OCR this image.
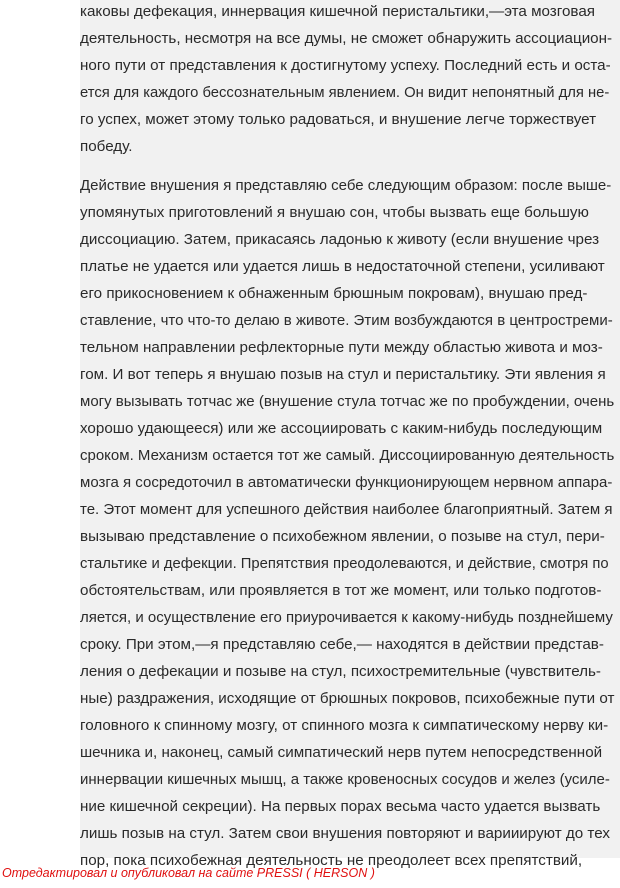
каковы дефекация, иннервация кишечной перистальтики,—эта мозговая
деятельность, несмотря на все думы, не сможет обнаружить ассоциацион-
ного пути от представления к достигнутому успеху. Последний есть и оста-
ется для каждого бессознательным явлением. Он видит непонятный для не-
го успех, может этому только радоваться, и внушение легче торжествует
победу.
Действие внушения я представляю себе следующим образом: после выше-
упомянутых приготовлений я внушаю сон, чтобы вызвать еще большую
диссоциацию. Затем, прикасаясь ладонью к животу (если внушение чрез
платье не удается или удается лишь в недостаточной степени, усиливают
его прикосновением к обнаженным брюшным покровам), внушаю пред-
ставление, что что-то делаю в животе. Этим возбуждаются в центростреми-
тельном направлении рефлекторные пути между областью живота и моз-
гом. И вот теперь я внушаю позыв на стул и перистальтику. Эти явления я
могу вызывать тотчас же (внушение стула тотчас же по пробуждении, очень
хорошо удающееся) или же ассоциировать с каким-нибудь последующим
сроком. Механизм остается тот же самый. Диссоциированную деятельность
мозга я сосредоточил в автоматически функционирующем нервном аппара-
те. Этот момент для успешного действия наиболее благоприятный. Затем я
вызываю представление о психобежном явлении, о позыве на стул, пери-
стальтике и дефекции. Препятствия преодолеваются, и действие, смотря по
обстоятельствам, или проявляется в тот же момент, или только подготов-
ляется, и осуществление его приурочивается к какому-нибудь позднейшему
сроку. При этом,—я представляю себе,— находятся в действии представ-
ления о дефекации и позыве на стул, психостремительные (чувствитель-
ные) раздражения, исходящие от брюшных покровов, психобежные пути от
головного к спинному мозгу, от спинного мозга к симпатическому нерву ки-
шечника и, наконец, самый симпатический нерв путем непосредственной
иннервации кишечных мышц, а также кровеносных сосудов и желез (усиле-
ние кишечной секреции). На первых порах весьма часто удается вызвать
лишь позыв на стул. Затем свои внушения повторяют и варииируют до тех
пор, пока психобежная деятельность не преодолеет всех препятствий,
Отредактировал и опубликовал на сайте PRESSI ( HERSON )
